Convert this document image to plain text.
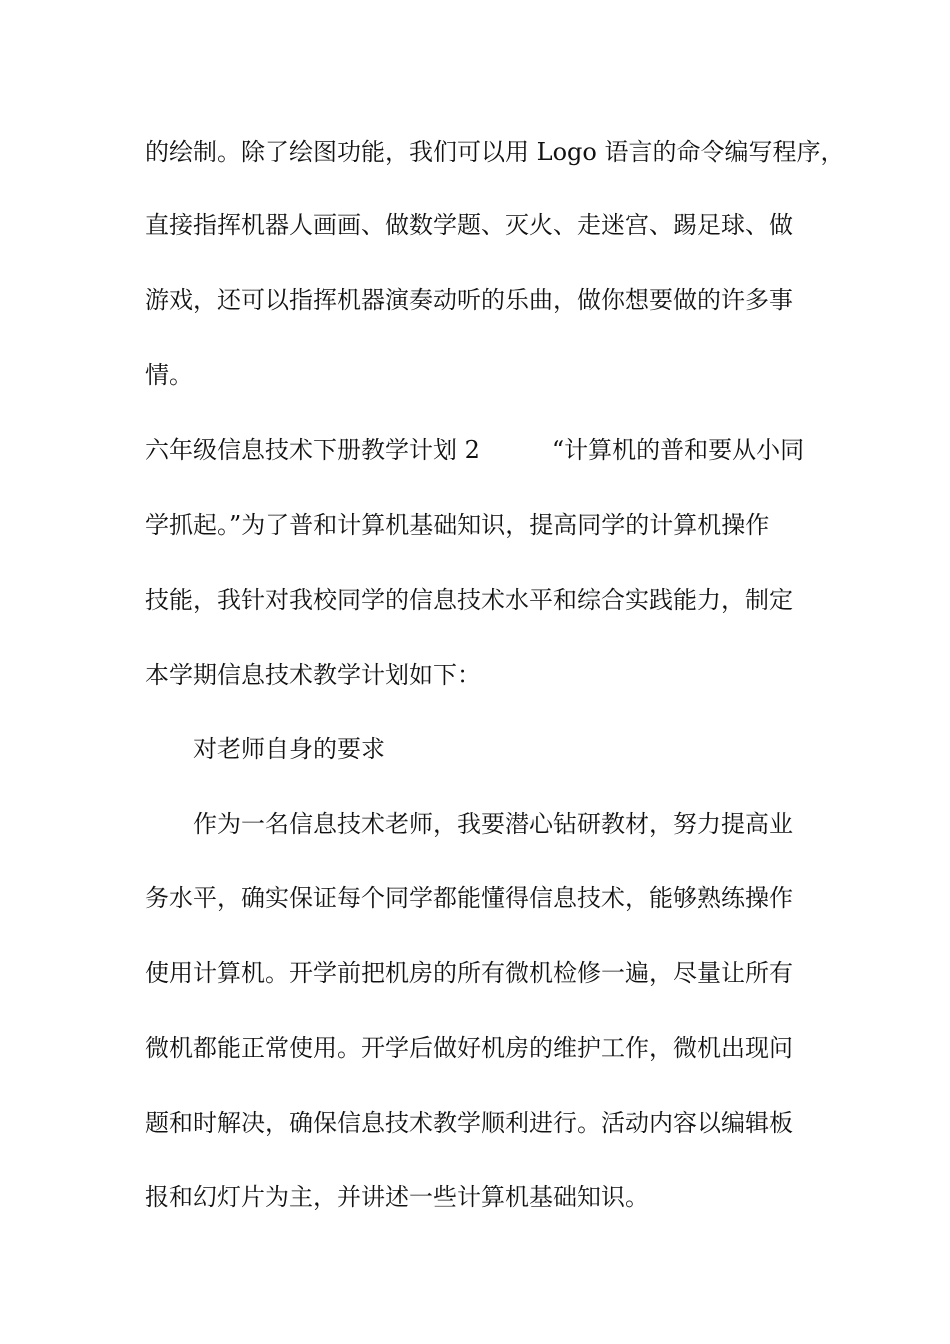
的绘制。除了绘图功能，我们可以用 Logo 语言的命令编写程序，
直接指挥机器人画画、做数学题、灭火、走迷宫、踢足球、做
游戏，还可以指挥机器演奏动听的乐曲，做你想要做的许多事
情。
六年级信息技术下册教学计划 2　　　“计算机的普和要从小同
学抓起。”为了普和计算机基础知识，提高同学的计算机操作
技能，我针对我校同学的信息技术水平和综合实践能力，制定
本学期信息技术教学计划如下：
对老师自身的要求
作为一名信息技术老师，我要潜心钻研教材，努力提高业
务水平，确实保证每个同学都能懂得信息技术，能够熟练操作
使用计算机。开学前把机房的所有微机检修一遍，尽量让所有
微机都能正常使用。开学后做好机房的维护工作，微机出现问
题和时解决，确保信息技术教学顺利进行。活动内容以编辑板
报和幻灯片为主，并讲述一些计算机基础知识。
